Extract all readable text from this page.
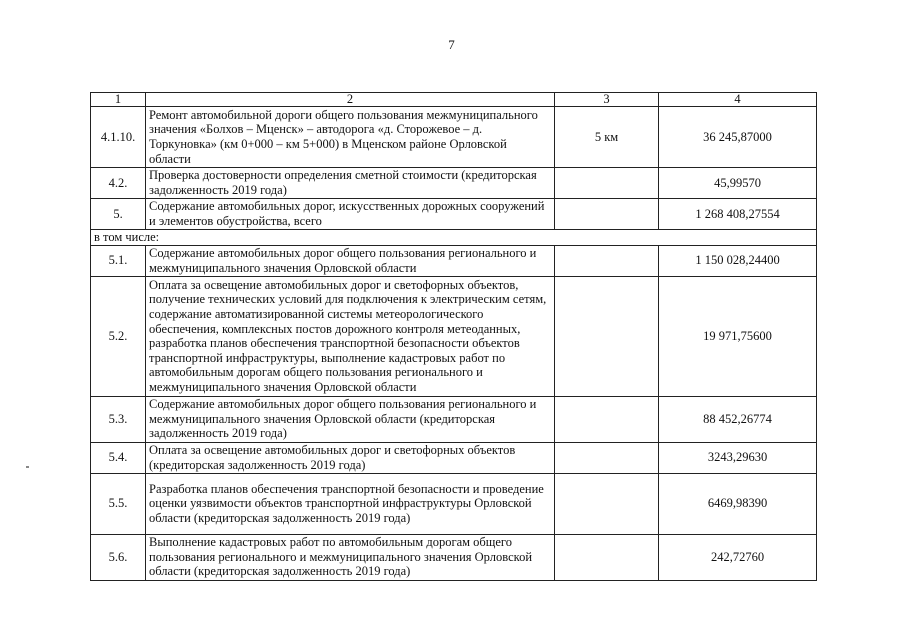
7
1	2	3	4
4.1.10.	Ремонт автомобильной дороги общего пользования межмуниципального значения «Болхов – Мценск» – автодорога «д. Сторожевое – д. Торкуновка» (км 0+000 – км 5+000) в Мценском районе Орловской области	5 км	36 245,87000
4.2.	Проверка достоверности определения сметной стоимости (кредиторская задолженность 2019 года)		45,99570
5.	Содержание автомобильных дорог, искусственных дорожных сооружений и элементов обустройства, всего		1 268 408,27554
в том числе:			
5.1.	Содержание автомобильных дорог общего пользования регионального и межмуниципального значения Орловской области		1 150 028,24400
5.2.	Оплата за освещение автомобильных дорог и светофорных объектов, получение технических условий для подключения к электрическим сетям, содержание автоматизированной системы метеорологического обеспечения, комплексных постов дорожного контроля метеоданных, разработка планов обеспечения транспортной безопасности объектов транспортной инфраструктуры, выполнение кадастровых работ по автомобильным дорогам общего пользования регионального и межмуниципального значения Орловской области		19 971,75600
5.3.	Содержание автомобильных дорог общего пользования регионального и межмуниципального значения Орловской области (кредиторская задолженность 2019 года)		88 452,26774
5.4.	Оплата за освещение автомобильных дорог и светофорных объектов (кредиторская задолженность 2019 года)		3243,29630
5.5.	Разработка планов обеспечения транспортной безопасности и проведение оценки уязвимости объектов транспортной инфраструктуры Орловской области (кредиторская задолженность 2019 года)		6469,98390
5.6.	Выполнение кадастровых работ по автомобильным дорогам общего пользования регионального и межмуниципального значения Орловской области (кредиторская задолженность 2019 года)		242,72760
